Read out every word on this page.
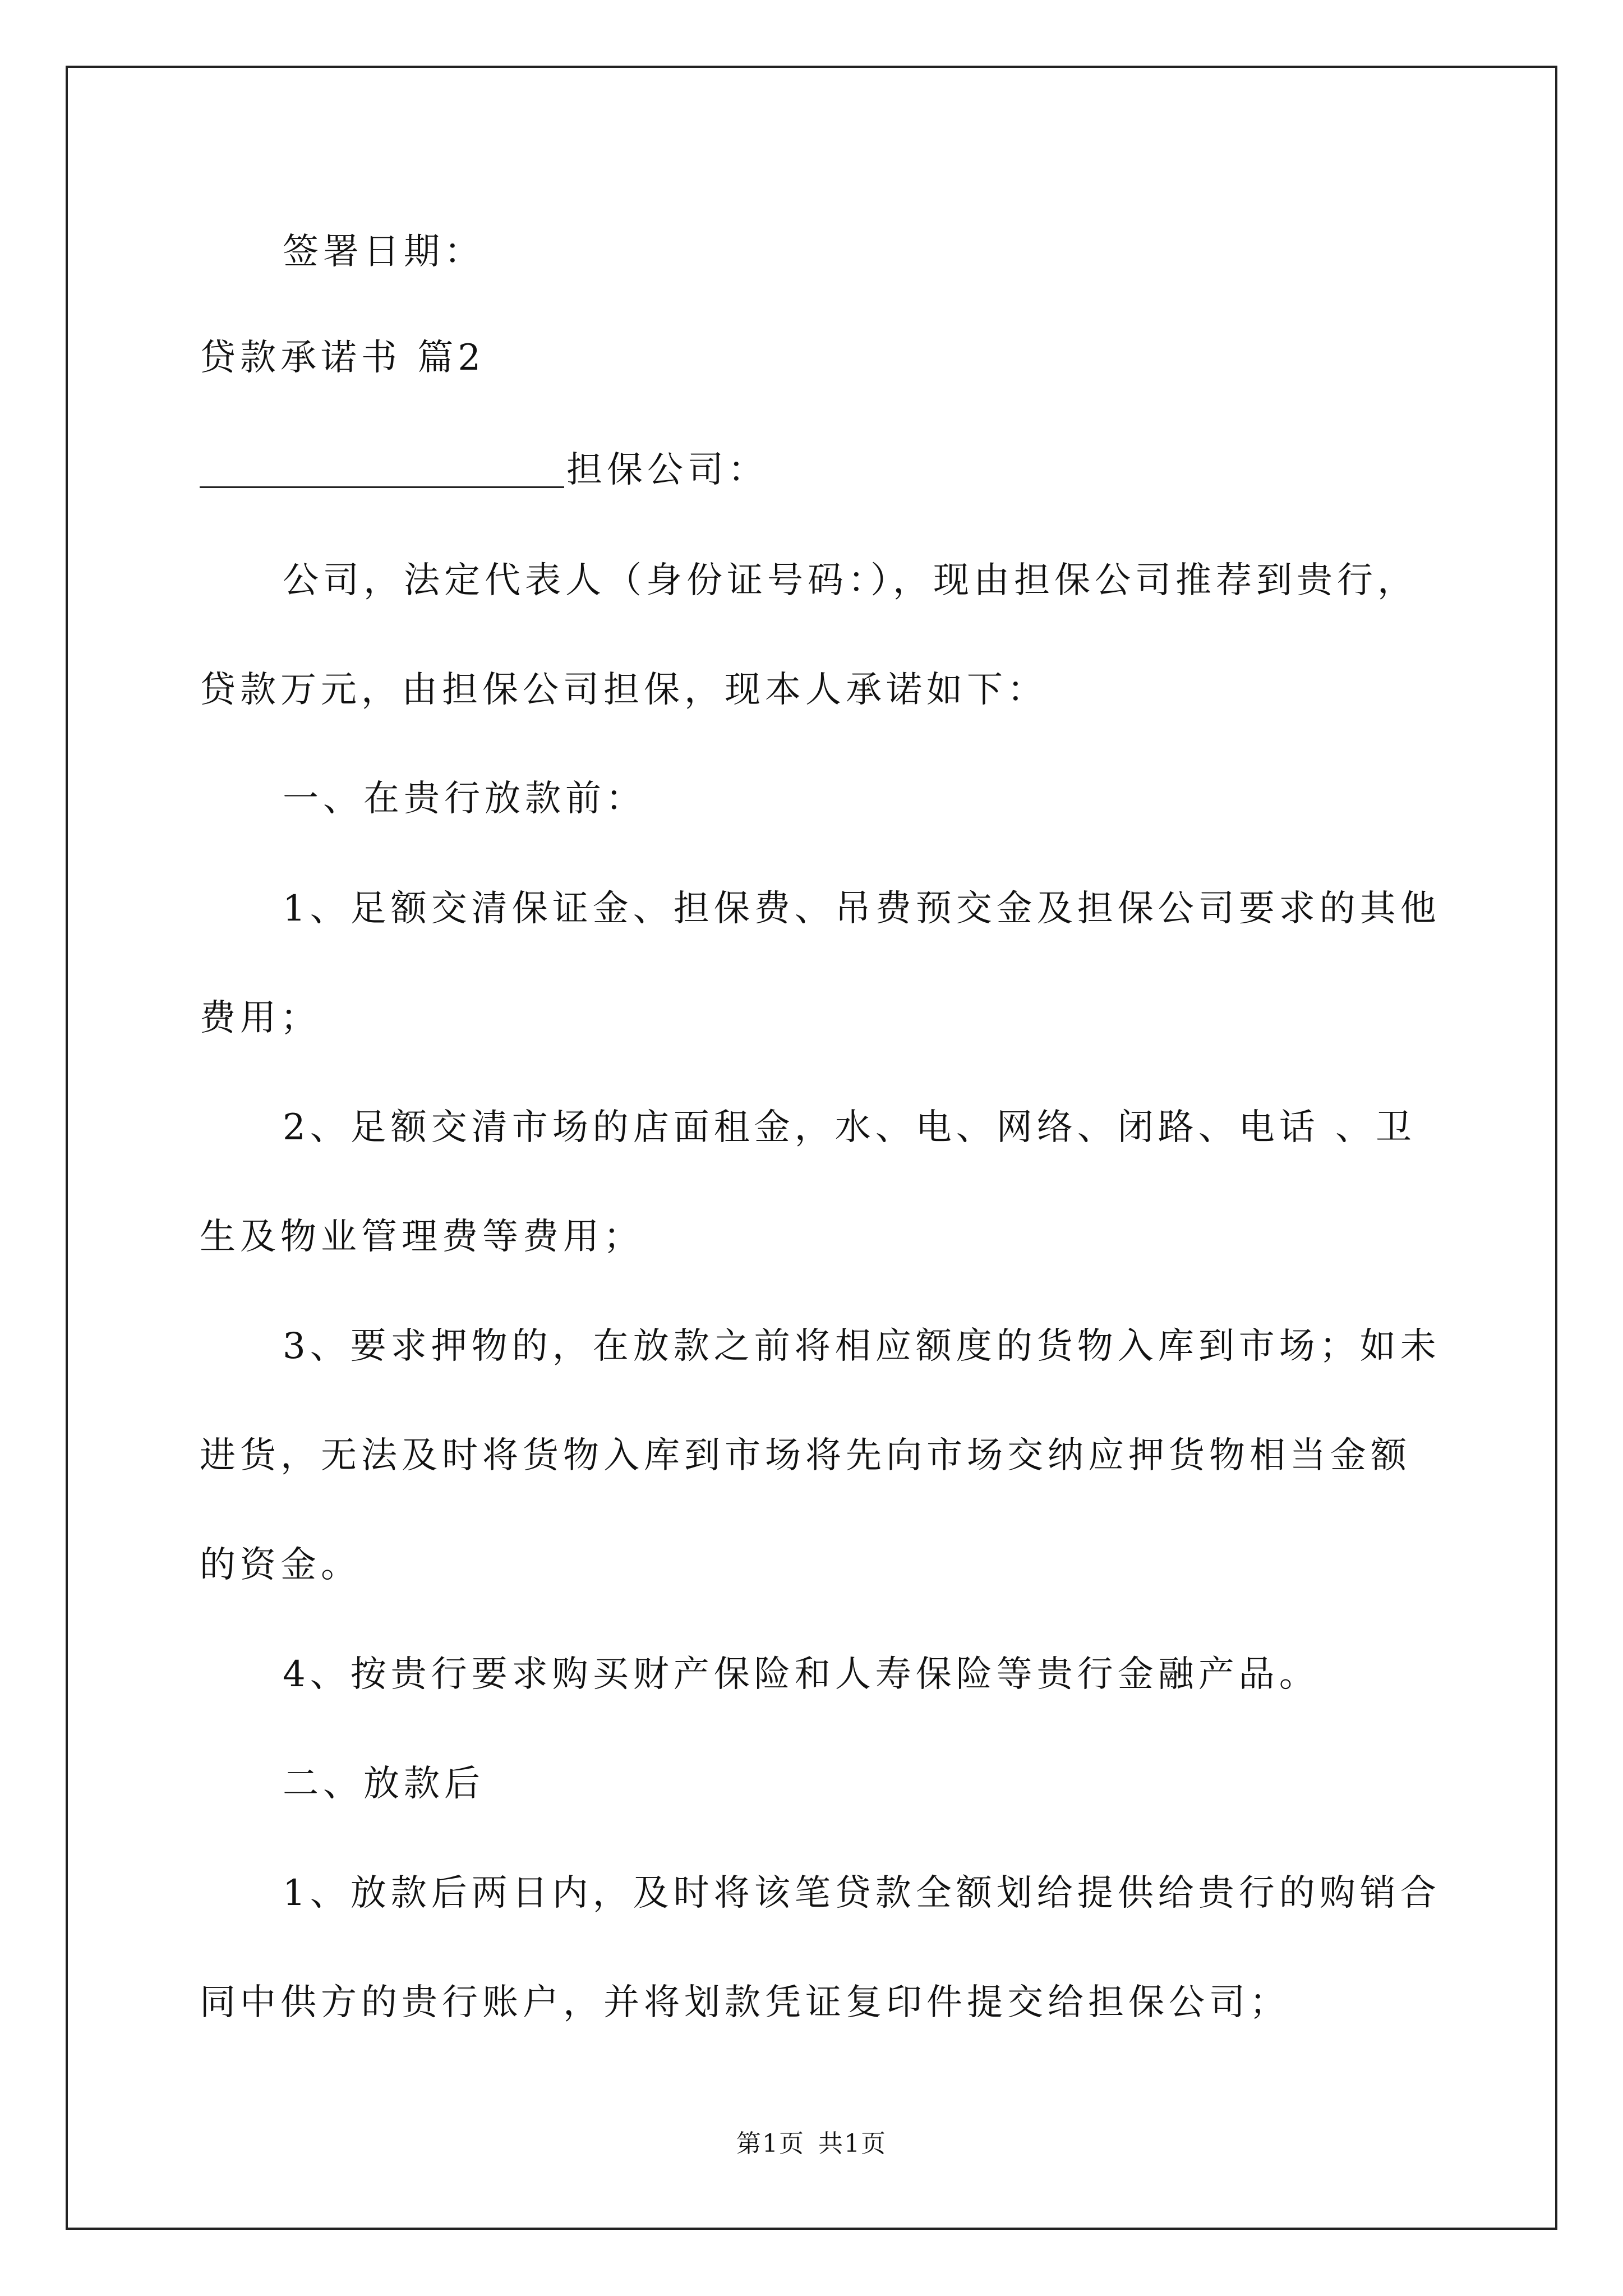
签署日期：
贷款承诺书 篇2
担保公司：
公司，法定代表人（身份证号码：），现由担保公司推荐到贵行，
贷款万元，由担保公司担保，现本人承诺如下：
一、在贵行放款前：
1、足额交清保证金、担保费、吊费预交金及担保公司要求的其他
费用；
2、足额交清市场的店面租金，水、电、网络、闭路、电话 、卫
生及物业管理费等费用；
3、要求押物的，在放款之前将相应额度的货物入库到市场；如未
进货，无法及时将货物入库到市场将先向市场交纳应押货物相当金额
的资金。
4、按贵行要求购买财产保险和人寿保险等贵行金融产品。
二、放款后
1、放款后两日内，及时将该笔贷款全额划给提供给贵行的购销合
同中供方的贵行账户，并将划款凭证复印件提交给担保公司；
第1页 共1页
